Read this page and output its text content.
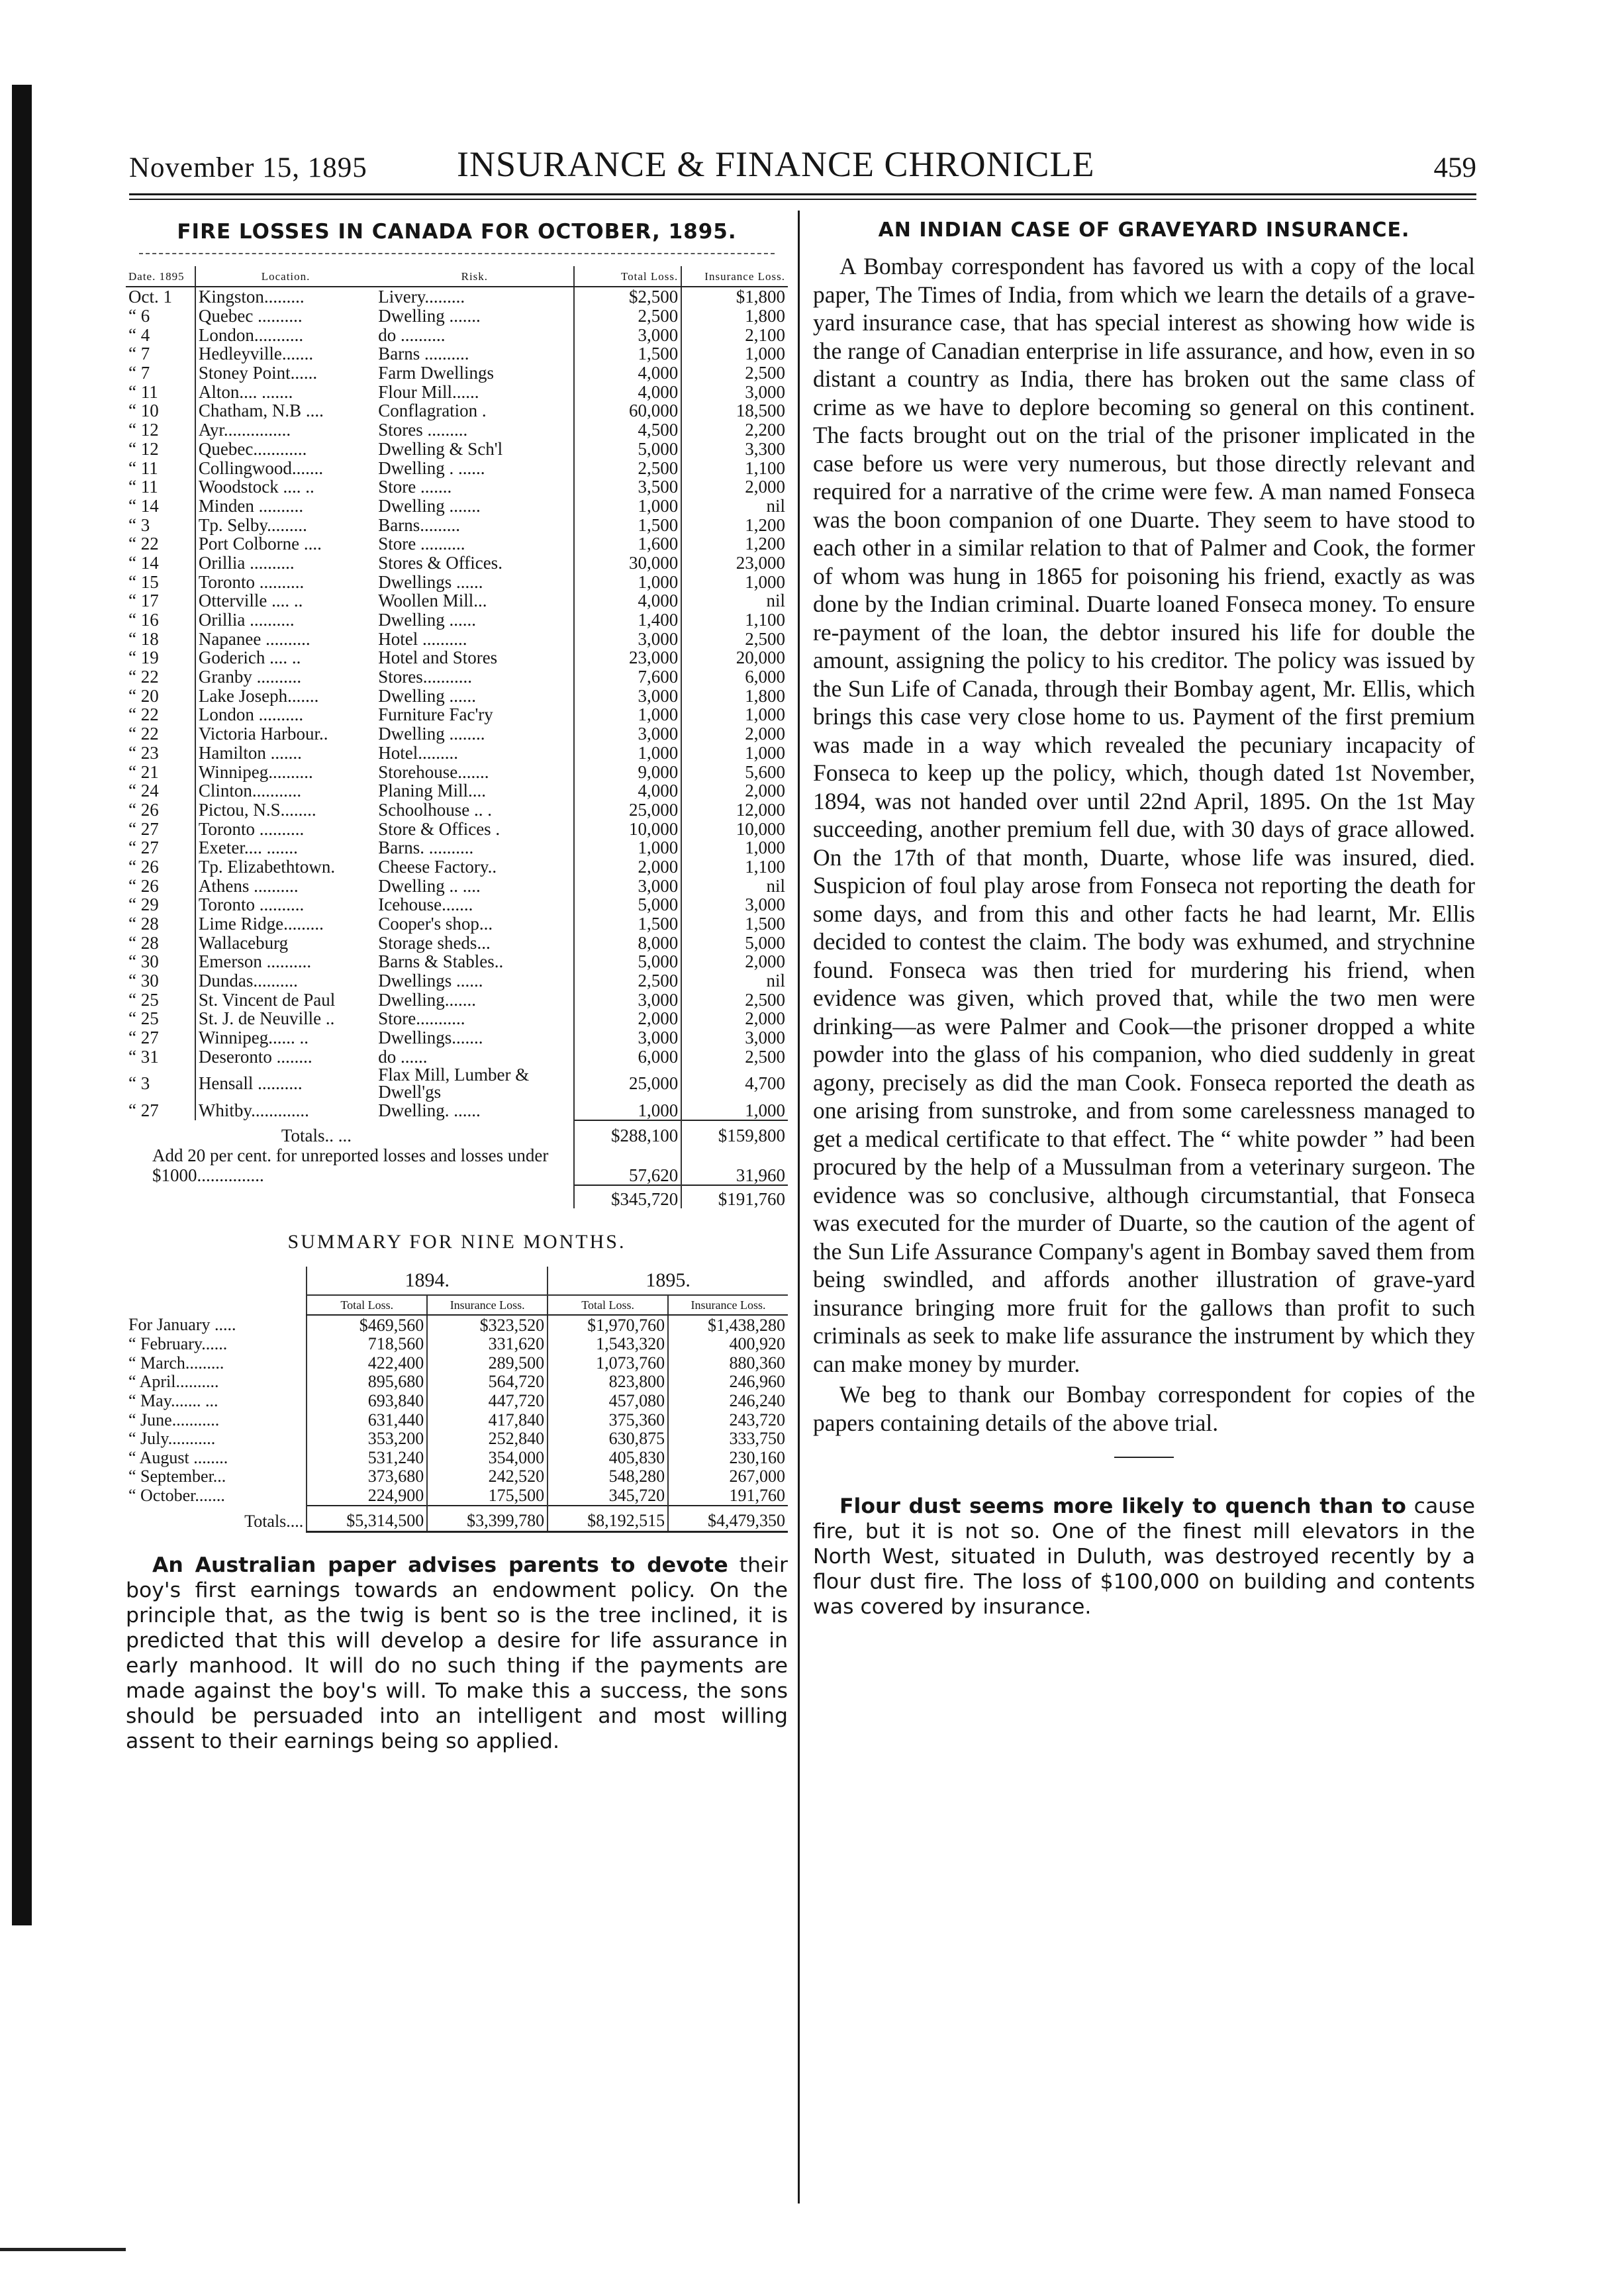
November 15, 1895	INSURANCE & FINANCE CHRONICLE	459
FIRE LOSSES IN CANADA FOR OCTOBER, 1895.
Date. 1895	Location.	Risk.	Total Loss.	Insurance Loss.
Oct. 1	Kingston.........	Livery.........	$2,500	$1,800
“ 6	Quebec ..........	Dwelling .......	2,500	1,800
“ 4	London...........	do ..........	3,000	2,100
“ 7	Hedleyville.......	Barns ..........	1,500	1,000
“ 7	Stoney Point......	Farm Dwellings	4,000	2,500
“ 11	Alton.... .......	Flour Mill......	4,000	3,000
“ 10	Chatham, N.B ....	Conflagration .	60,000	18,500
“ 12	Ayr...............	Stores .........	4,500	2,200
“ 12	Quebec............	Dwelling & Sch'l	5,000	3,300
“ 11	Collingwood.......	Dwelling . ......	2,500	1,100
“ 11	Woodstock .... ..	Store .......	3,500	2,000
“ 14	Minden ..........	Dwelling .......	1,000	nil
“ 3	Tp. Selby.........	Barns.........	1,500	1,200
“ 22	Port Colborne ....	Store ..........	1,600	1,200
“ 14	Orillia ..........	Stores & Offices.	30,000	23,000
“ 15	Toronto ..........	Dwellings ......	1,000	1,000
“ 17	Otterville .... ..	Woollen Mill...	4,000	nil
“ 16	Orillia ..........	Dwelling ......	1,400	1,100
“ 18	Napanee ..........	Hotel ..........	3,000	2,500
“ 19	Goderich .... ..	Hotel and Stores	23,000	20,000
“ 22	Granby ..........	Stores...........	7,600	6,000
“ 20	Lake Joseph.......	Dwelling ......	3,000	1,800
“ 22	London ..........	Furniture Fac'ry	1,000	1,000
“ 22	Victoria Harbour..	Dwelling ........	3,000	2,000
“ 23	Hamilton .......	Hotel.........	1,000	1,000
“ 21	Winnipeg..........	Storehouse.......	9,000	5,600
“ 24	Clinton...........	Planing Mill....	4,000	2,000
“ 26	Pictou, N.S........	Schoolhouse .. .	25,000	12,000
“ 27	Toronto ..........	Store & Offices .	10,000	10,000
“ 27	Exeter.... .......	Barns. ..........	1,000	1,000
“ 26	Tp. Elizabethtown.	Cheese Factory..	2,000	1,100
“ 26	Athens ..........	Dwelling .. ....	3,000	nil
“ 29	Toronto ..........	Icehouse.......	5,000	3,000
“ 28	Lime Ridge.........	Cooper's shop...	1,500	1,500
“ 28	Wallaceburg	Storage sheds...	8,000	5,000
“ 30	Emerson ..........	Barns & Stables..	5,000	2,000
“ 30	Dundas..........	Dwellings ......	2,500	nil
“ 25	St. Vincent de Paul	Dwelling.......	3,000	2,500
“ 25	St. J. de Neuville ..	Store...........	2,000	2,000
“ 27	Winnipeg...... ..	Dwellings.......	3,000	3,000
“ 31	Deseronto ........	do ......	6,000	2,500
“ 3	Hensall ..........	Flax Mill, Lumber & Dwell'gs	25,000	4,700
“ 27	Whitby.............	Dwelling. ......	1,000	1,000
	Totals.. ...		$288,100	$159,800
Add 20 per cent. for unreported losses and losses under $1000...............			57,620	31,960
			$345,720	$191,760
SUMMARY FOR NINE MONTHS.
	1894.		1895.	
	Total Loss.	Insurance Loss.	Total Loss.	Insurance Loss.
For January .....	$469,560	$323,520	$1,970,760	$1,438,280
“ February......	718,560	331,620	1,543,320	400,920
“ March.........	422,400	289,500	1,073,760	880,360
“ April..........	895,680	564,720	823,800	246,960
“ May....... ...	693,840	447,720	457,080	246,240
“ June...........	631,440	417,840	375,360	243,720
“ July...........	353,200	252,840	630,875	333,750
“ August ........	531,240	354,000	405,830	230,160
“ September...	373,680	242,520	548,280	267,000
“ October.......	224,900	175,500	345,720	191,760
Totals....	$5,314,500	$3,399,780	$8,192,515	$4,479,350

An Australian paper advises parents to devote their boy's first earnings towards an endowment policy. On the principle that, as the twig is bent so is the tree inclined, it is predicted that this will develop a desire for life assurance in early manhood. It will do no such thing if the payments are made against the boy's will. To make this a success, the sons should be persuaded into an intelligent and most willing assent to their earnings being so applied.

AN INDIAN CASE OF GRAVEYARD INSURANCE.

A Bombay correspondent has favored us with a copy of the local paper, The Times of India, from which we learn the details of a grave-yard insurance case, that has special interest as showing how wide is the range of Canadian enterprise in life assurance, and how, even in so distant a country as India, there has broken out the same class of crime as we have to deplore becoming so general on this continent. The facts brought out on the trial of the prisoner implicated in the case before us were very numerous, but those directly relevant and required for a narrative of the crime were few. A man named Fonseca was the boon companion of one Duarte. They seem to have stood to each other in a similar relation to that of Palmer and Cook, the former of whom was hung in 1865 for poisoning his friend, exactly as was done by the Indian criminal. Duarte loaned Fonseca money. To ensure re-payment of the loan, the debtor insured his life for double the amount, assigning the policy to his creditor. The policy was issued by the Sun Life of Canada, through their Bombay agent, Mr. Ellis, which brings this case very close home to us. Payment of the first premium was made in a way which revealed the pecuniary incapacity of Fonseca to keep up the policy, which, though dated 1st November, 1894, was not handed over until 22nd April, 1895. On the 1st May succeeding, another premium fell due, with 30 days of grace allowed. On the 17th of that month, Duarte, whose life was insured, died. Suspicion of foul play arose from Fonseca not reporting the death for some days, and from this and other facts he had learnt, Mr. Ellis decided to contest the claim. The body was exhumed, and strychnine found. Fonseca was then tried for murdering his friend, when evidence was given, which proved that, while the two men were drinking—as were Palmer and Cook—the prisoner dropped a white powder into the glass of his companion, who died suddenly in great agony, precisely as did the man Cook. Fonseca reported the death as one arising from sunstroke, and from some carelessness managed to get a medical certificate to that effect. The “ white powder ” had been procured by the help of a Mussulman from a veterinary surgeon. The evidence was so conclusive, although circumstantial, that Fonseca was executed for the murder of Duarte, so the caution of the agent of the Sun Life Assurance Company's agent in Bombay saved them from being swindled, and affords another illustration of grave-yard insurance bringing more fruit for the gallows than profit to such criminals as seek to make life assurance the instrument by which they can make money by murder.

We beg to thank our Bombay correspondent for copies of the papers containing details of the above trial.

Flour dust seems more likely to quench than to cause fire, but it is not so. One of the finest mill elevators in the North West, situated in Duluth, was destroyed recently by a flour dust fire. The loss of $100,000 on building and contents was covered by insurance.
